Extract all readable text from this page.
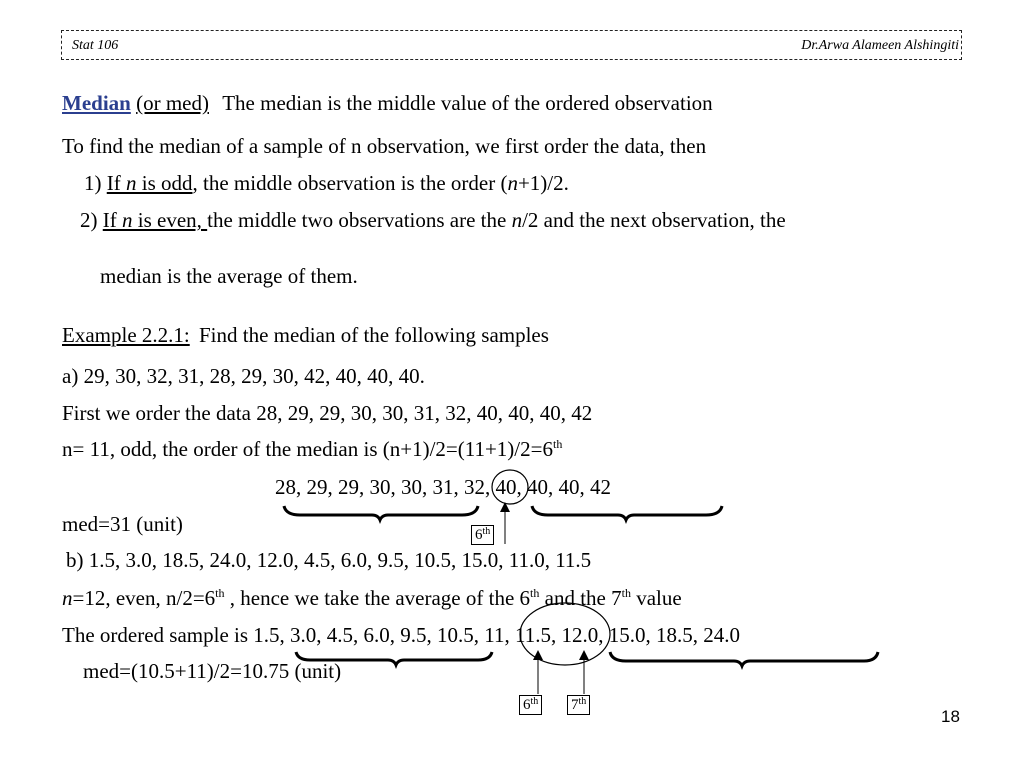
Stat 106	Dr.Arwa Alameen Alshingiti
Median (or med) The median is the middle value of the ordered observation
To find the median of a sample of n observation, we first order the data, then
1) If n is odd, the middle observation is the order (n+1)/2.
2) If n is even, the middle two observations are the n/2 and the next observation, the
median is the average of them.
Example 2.2.1: Find the median of the following samples
a) 29, 30, 32, 31, 28, 29, 30, 42, 40, 40, 40.
First we order the data 28, 29, 29, 30, 30, 31, 32, 40, 40, 40, 42
n= 11, odd, the order of the median is (n+1)/2=(11+1)/2=6th
28, 29, 29, 30, 30, 31, 32, 40, 40, 40, 42
med=31 (unit)	6th
b) 1.5, 3.0, 18.5, 24.0, 12.0, 4.5, 6.0, 9.5, 10.5, 15.0, 11.0, 11.5
n=12, even, n/2=6th , hence we take the average of the 6th and the 7th value
The ordered sample is 1.5, 3.0, 4.5, 6.0, 9.5, 10.5, 11, 11.5, 12.0, 15.0, 18.5, 24.0
med=(10.5+11)/2=10.75 (unit)
6th 7th
18
